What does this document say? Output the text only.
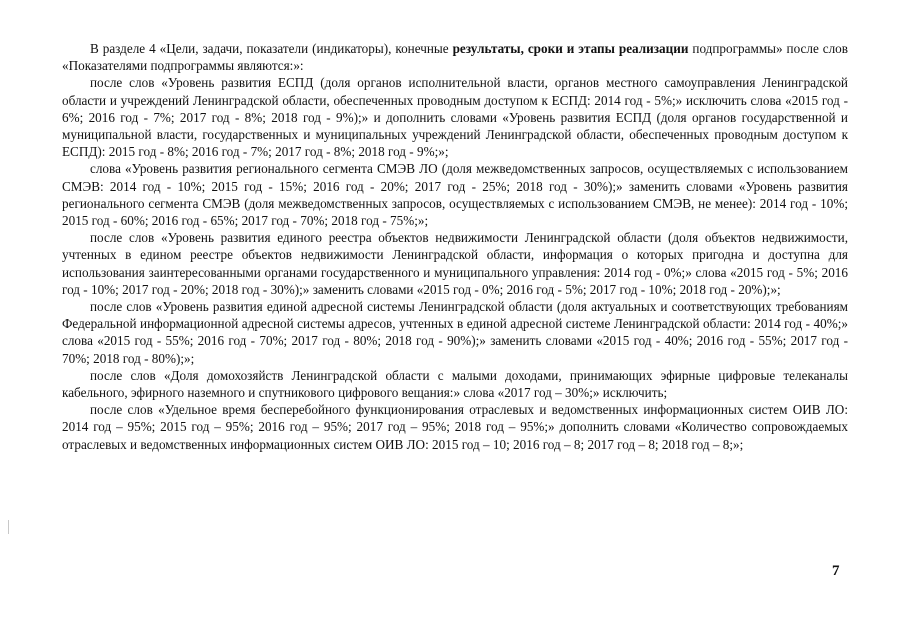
В разделе 4 «Цели, задачи, показатели (индикаторы), конечные результаты, сроки и этапы реализации подпрограммы» после слов «Показателями подпрограммы являются:»:

после слов «Уровень развития ЕСПД (доля органов исполнительной власти, органов местного самоуправления Ленинградской области и учреждений Ленинградской области, обеспеченных проводным доступом к ЕСПД: 2014 год - 5%;» исключить слова «2015 год - 6%; 2016 год - 7%; 2017 год - 8%; 2018 год - 9%);» и дополнить словами «Уровень развития ЕСПД (доля органов государственной и муниципальной власти, государственных и муниципальных учреждений Ленинградской области, обеспеченных проводным доступом к ЕСПД): 2015 год - 8%; 2016 год - 7%; 2017 год - 8%; 2018 год - 9%;»;

слова «Уровень развития регионального сегмента СМЭВ ЛО (доля межведомственных запросов, осуществляемых с использованием СМЭВ: 2014 год - 10%; 2015 год - 15%; 2016 год - 20%; 2017 год - 25%; 2018 год - 30%);» заменить словами «Уровень развития регионального сегмента СМЭВ (доля межведомственных запросов, осуществляемых с использованием СМЭВ, не менее): 2014 год - 10%; 2015 год - 60%; 2016 год - 65%; 2017 год - 70%; 2018 год - 75%;»;

после слов «Уровень развития единого реестра объектов недвижимости Ленинградской области (доля объектов недвижимости, учтенных в едином реестре объектов недвижимости Ленинградской области, информация о которых пригодна и доступна для использования заинтересованными органами государственного и муниципального управления: 2014 год - 0%;» слова «2015 год - 5%; 2016 год - 10%; 2017 год - 20%; 2018 год - 30%);» заменить словами «2015 год - 0%; 2016 год - 5%; 2017 год - 10%; 2018 год - 20%);»;

после слов «Уровень развития единой адресной системы Ленинградской области (доля актуальных и соответствующих требованиям Федеральной информационной адресной системы адресов, учтенных в единой адресной системе Ленинградской области: 2014 год - 40%;» слова «2015 год - 55%; 2016 год - 70%; 2017 год - 80%; 2018 год - 90%);» заменить словами «2015 год - 40%; 2016 год - 55%; 2017 год - 70%; 2018 год - 80%);»;

после слов «Доля домохозяйств Ленинградской области с малыми доходами, принимающих эфирные цифровые телеканалы кабельного, эфирного наземного и спутникового цифрового вещания:» слова «2017 год – 30%;» исключить;

после слов «Удельное время бесперебойного функционирования отраслевых и ведомственных информационных систем ОИВ ЛО: 2014 год – 95%; 2015 год – 95%; 2016 год – 95%; 2017 год – 95%; 2018 год – 95%;» дополнить словами «Количество сопровождаемых отраслевых и ведомственных информационных систем ОИВ ЛО: 2015 год – 10; 2016 год – 8; 2017 год – 8; 2018 год – 8;»;

7
